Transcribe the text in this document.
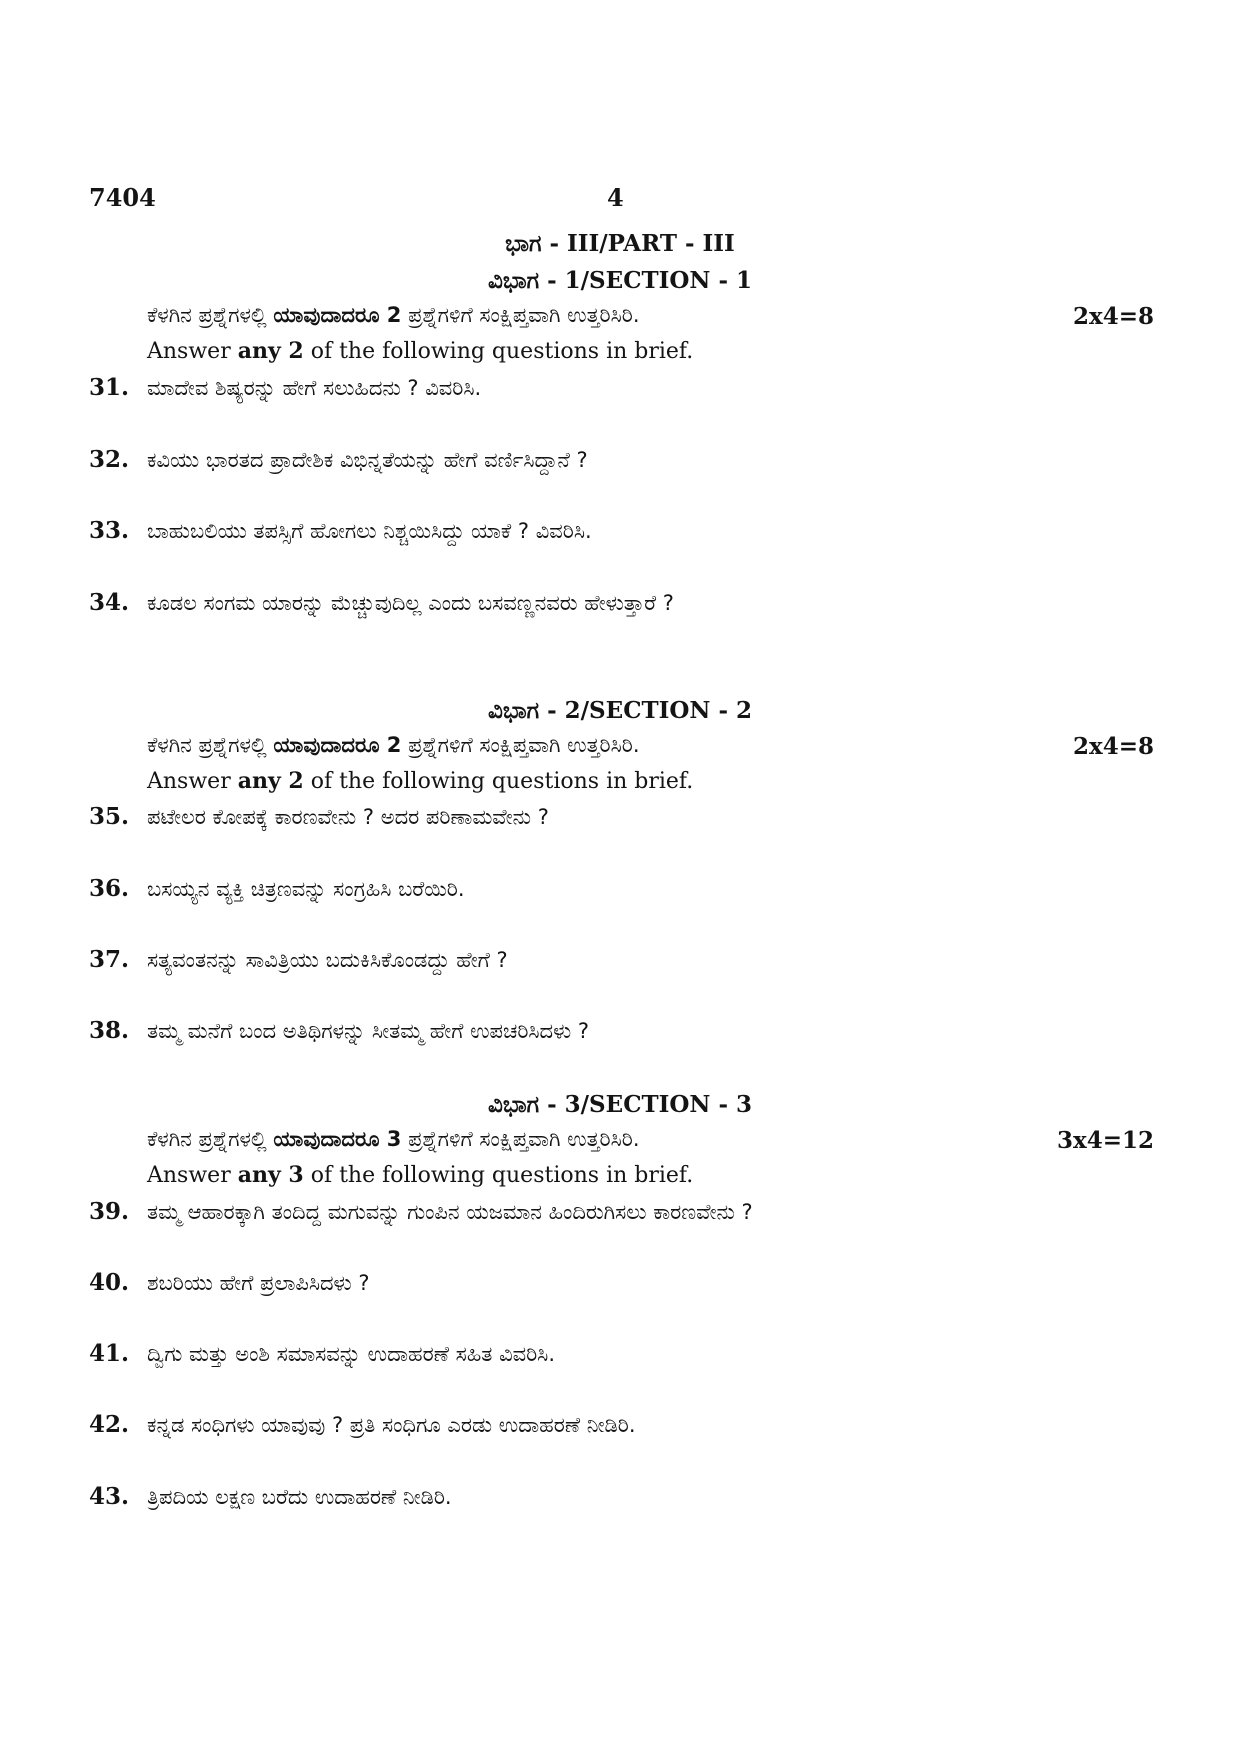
7404	4
ಭಾಗ - III/PART - III
ವಿಭಾಗ - 1/SECTION - 1
ಕೆಳಗಿನ ಪ್ರಶ್ನೆಗಳಲ್ಲಿ ಯಾವುದಾದರೂ 2 ಪ್ರಶ್ನೆಗಳಿಗೆ ಸಂಕ್ಷಿಪ್ತವಾಗಿ ಉತ್ತರಿಸಿರಿ.	2x4=8
Answer any 2 of the following questions in brief.
31. ಮಾದೇವ ಶಿಷ್ಯರನ್ನು ಹೇಗೆ ಸಲುಹಿದನು ? ವಿವರಿಸಿ.
32. ಕವಿಯು ಭಾರತದ ಪ್ರಾದೇಶಿಕ ವಿಭಿನ್ನತೆಯನ್ನು ಹೇಗೆ ವರ್ಣಿಸಿದ್ದಾನೆ ?
33. ಬಾಹುಬಲಿಯು ತಪಸ್ಸಿಗೆ ಹೋಗಲು ನಿಶ್ಚಯಿಸಿದ್ದು ಯಾಕೆ ? ವಿವರಿಸಿ.
34. ಕೂಡಲ ಸಂಗಮ ಯಾರನ್ನು ಮೆಚ್ಚುವುದಿಲ್ಲ ಎಂದು ಬಸವಣ್ಣನವರು ಹೇಳುತ್ತಾರೆ ?
ವಿಭಾಗ - 2/SECTION - 2
ಕೆಳಗಿನ ಪ್ರಶ್ನೆಗಳಲ್ಲಿ ಯಾವುದಾದರೂ 2 ಪ್ರಶ್ನೆಗಳಿಗೆ ಸಂಕ್ಷಿಪ್ತವಾಗಿ ಉತ್ತರಿಸಿರಿ.	2x4=8
Answer any 2 of the following questions in brief.
35. ಪಟೇಲರ ಕೋಪಕ್ಕೆ ಕಾರಣವೇನು ? ಅದರ ಪರಿಣಾಮವೇನು ?
36. ಬಸಯ್ಯನ ವ್ಯಕ್ತಿ ಚಿತ್ರಣವನ್ನು ಸಂಗ್ರಹಿಸಿ ಬರೆಯಿರಿ.
37. ಸತ್ಯವಂತನನ್ನು ಸಾವಿತ್ರಿಯು ಬದುಕಿಸಿಕೊಂಡದ್ದು ಹೇಗೆ ?
38. ತಮ್ಮ ಮನೆಗೆ ಬಂದ ಅತಿಥಿಗಳನ್ನು ಸೀತಮ್ಮ ಹೇಗೆ ಉಪಚರಿಸಿದಳು ?
ವಿಭಾಗ - 3/SECTION - 3
ಕೆಳಗಿನ ಪ್ರಶ್ನೆಗಳಲ್ಲಿ ಯಾವುದಾದರೂ 3 ಪ್ರಶ್ನೆಗಳಿಗೆ ಸಂಕ್ಷಿಪ್ತವಾಗಿ ಉತ್ತರಿಸಿರಿ.	3x4=12
Answer any 3 of the following questions in brief.
39. ತಮ್ಮ ಆಹಾರಕ್ಕಾಗಿ ತಂದಿದ್ದ ಮಗುವನ್ನು ಗುಂಪಿನ ಯಜಮಾನ ಹಿಂದಿರುಗಿಸಲು ಕಾರಣವೇನು ?
40. ಶಬರಿಯು ಹೇಗೆ ಪ್ರಲಾಪಿಸಿದಳು ?
41. ದ್ವಿಗು ಮತ್ತು ಅಂಶಿ ಸಮಾಸವನ್ನು ಉದಾಹರಣೆ ಸಹಿತ ವಿವರಿಸಿ.
42. ಕನ್ನಡ ಸಂಧಿಗಳು ಯಾವುವು ? ಪ್ರತಿ ಸಂಧಿಗೂ ಎರಡು ಉದಾಹರಣೆ ನೀಡಿರಿ.
43. ತ್ರಿಪದಿಯ ಲಕ್ಷಣ ಬರೆದು ಉದಾಹರಣೆ ನೀಡಿರಿ.
